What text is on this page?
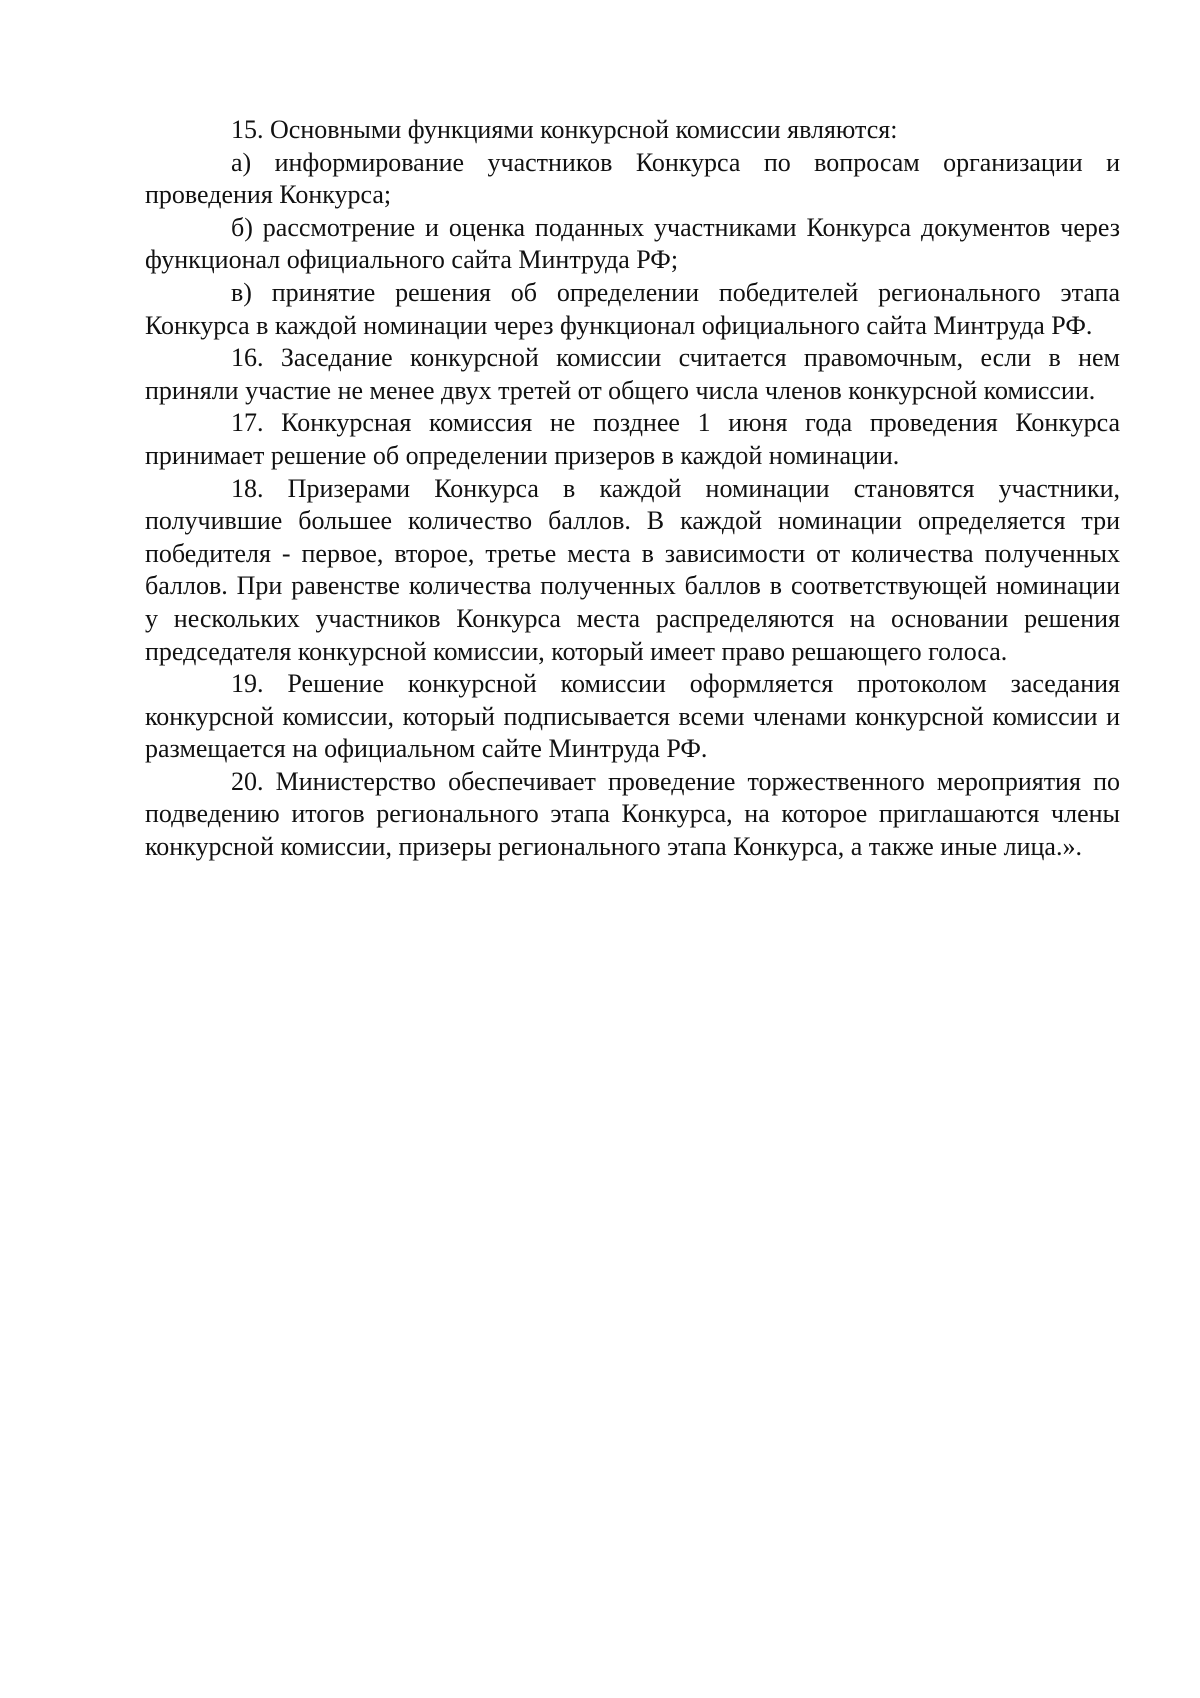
15. Основными функциями конкурсной комиссии являются:

а) информирование участников Конкурса по вопросам организации и проведения Конкурса;

б) рассмотрение и оценка поданных участниками Конкурса документов через функционал официального сайта Минтруда РФ;

в) принятие решения об определении победителей регионального этапа Конкурса в каждой номинации через функционал официального сайта Минтруда РФ.

16. Заседание конкурсной комиссии считается правомочным, если в нем приняли участие не менее двух третей от общего числа членов конкурсной комиссии.

17. Конкурсная комиссия не позднее 1 июня года проведения Конкурса принимает решение об определении призеров в каждой номинации.

18. Призерами Конкурса в каждой номинации становятся участники, получившие большее количество баллов. В каждой номинации определяется три победителя - первое, второе, третье места в зависимости от количества полученных баллов. При равенстве количества полученных баллов в соответствующей номинации у нескольких участников Конкурса места распределяются на основании решения председателя конкурсной комиссии, который имеет право решающего голоса.

19. Решение конкурсной комиссии оформляется протоколом заседания конкурсной комиссии, который подписывается всеми членами конкурсной комиссии и размещается на официальном сайте Минтруда РФ.

20. Министерство обеспечивает проведение торжественного мероприятия по подведению итогов регионального этапа Конкурса, на которое приглашаются члены конкурсной комиссии, призеры регионального этапа Конкурса, а также иные лица.».
